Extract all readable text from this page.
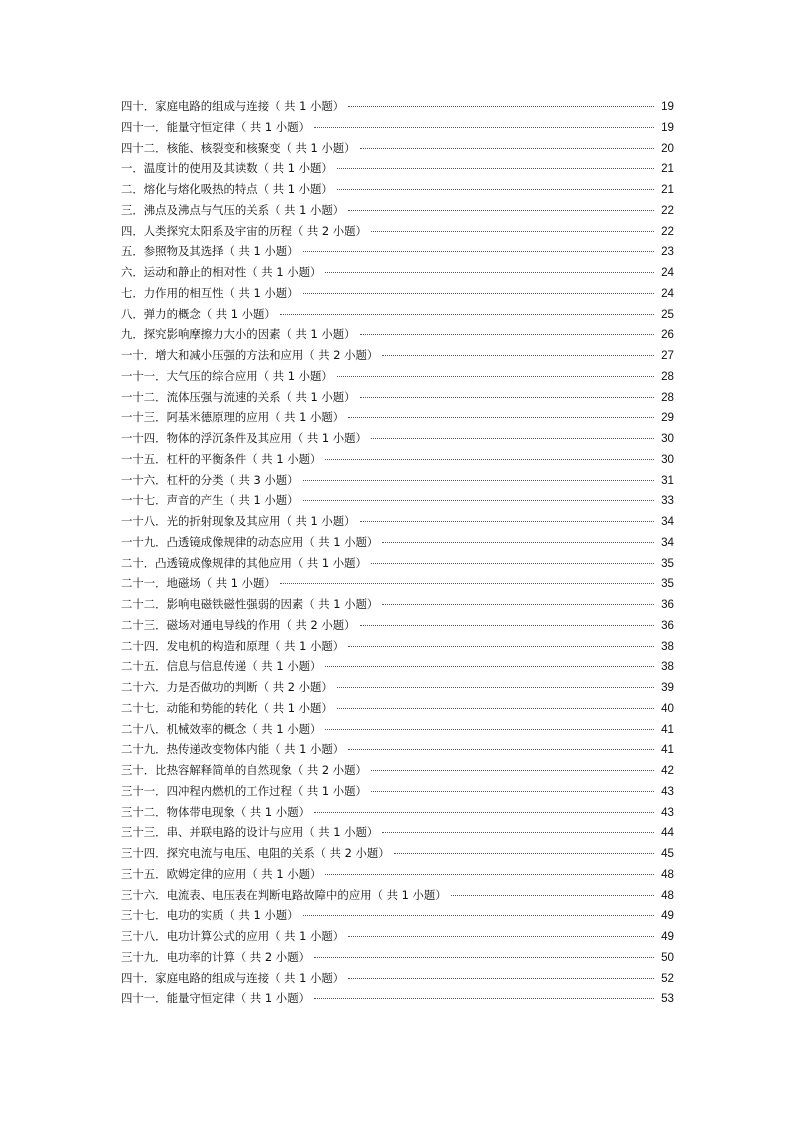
四十．家庭电路的组成与连接（ 共 1 小题）	19
四十一．能量守恒定律（ 共 1 小题）	19
四十二．核能、核裂变和核聚变（ 共 1 小题）	20
一．温度计的使用及其读数（ 共 1 小题）	21
二．熔化与熔化吸热的特点（ 共 1 小题）	21
三．沸点及沸点与气压的关系（ 共 1 小题）	22
四．人类探究太阳系及宇宙的历程（ 共 2 小题）	22
五．参照物及其选择（ 共 1 小题）	23
六．运动和静止的相对性（ 共 1 小题）	24
七．力作用的相互性（ 共 1 小题）	24
八．弹力的概念（ 共 1 小题）	25
九．探究影响摩擦力大小的因素（ 共 1 小题）	26
一十．增大和减小压强的方法和应用（ 共 2 小题）	27
一十一．大气压的综合应用（ 共 1 小题）	28
一十二．流体压强与流速的关系（ 共 1 小题）	28
一十三．阿基米德原理的应用（ 共 1 小题）	29
一十四．物体的浮沉条件及其应用（ 共 1 小题）	30
一十五．杠杆的平衡条件（ 共 1 小题）	30
一十六．杠杆的分类（ 共 3 小题）	31
一十七．声音的产生（ 共 1 小题）	33
一十八．光的折射现象及其应用（ 共 1 小题）	34
一十九．凸透镜成像规律的动态应用（ 共 1 小题）	34
二十．凸透镜成像规律的其他应用（ 共 1 小题）	35
二十一．地磁场（ 共 1 小题）	35
二十二．影响电磁铁磁性强弱的因素（ 共 1 小题）	36
二十三．磁场对通电导线的作用（ 共 2 小题）	36
二十四．发电机的构造和原理（ 共 1 小题）	38
二十五．信息与信息传递（ 共 1 小题）	38
二十六．力是否做功的判断（ 共 2 小题）	39
二十七．动能和势能的转化（ 共 1 小题）	40
二十八．机械效率的概念（ 共 1 小题）	41
二十九．热传递改变物体内能（ 共 1 小题）	41
三十．比热容解释简单的自然现象（ 共 2 小题）	42
三十一．四冲程内燃机的工作过程（ 共 1 小题）	43
三十二．物体带电现象（ 共 1 小题）	43
三十三．串、并联电路的设计与应用（ 共 1 小题）	44
三十四．探究电流与电压、电阻的关系（ 共 2 小题）	45
三十五．欧姆定律的应用（ 共 1 小题）	48
三十六．电流表、电压表在判断电路故障中的应用（ 共 1 小题）	48
三十七．电功的实质（ 共 1 小题）	49
三十八．电功计算公式的应用（ 共 1 小题）	49
三十九．电功率的计算（ 共 2 小题）	50
四十．家庭电路的组成与连接（ 共 1 小题）	52
四十一．能量守恒定律（ 共 1 小题）	53
